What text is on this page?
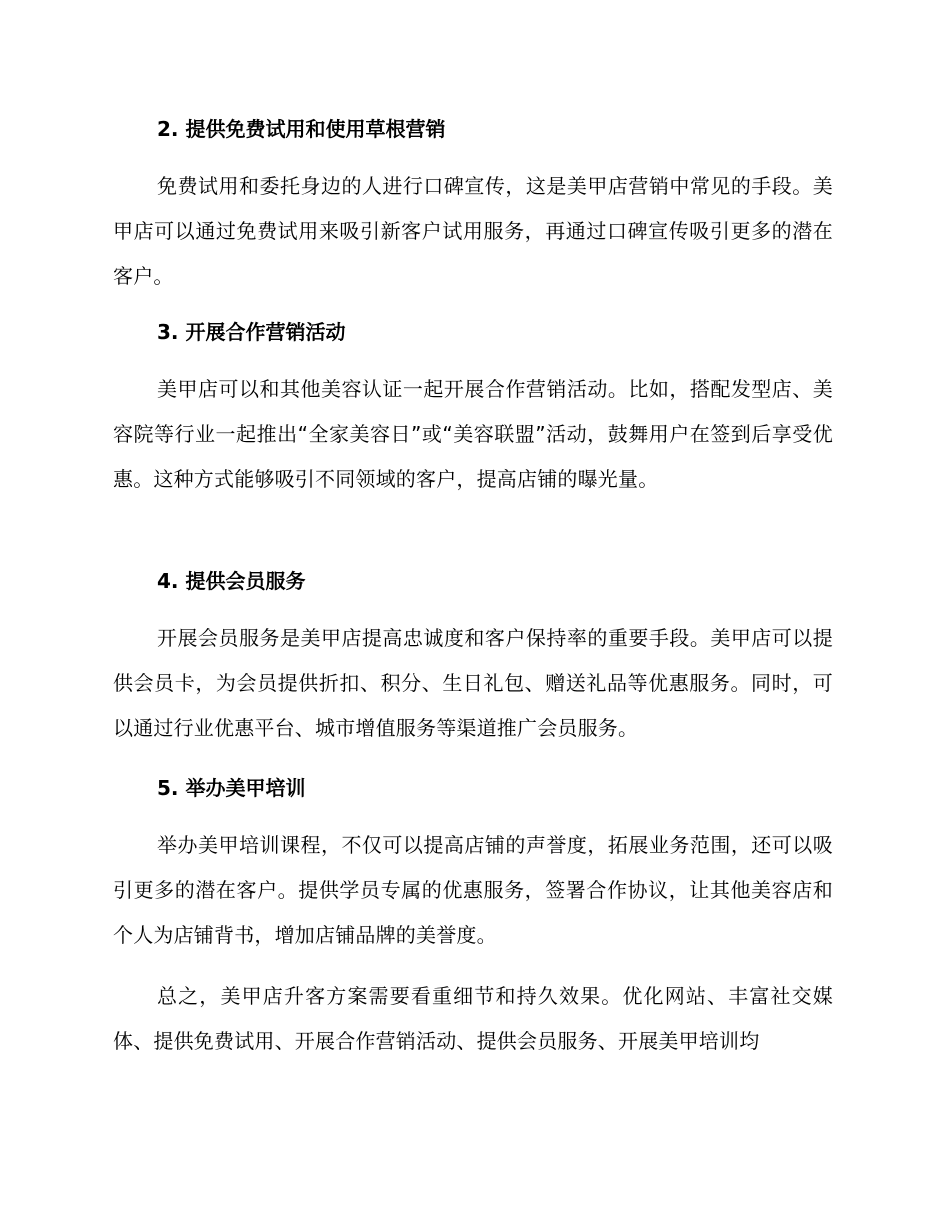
2. 提供免费试用和使用草根营销

免费试用和委托身边的人进行口碑宣传，这是美甲店营销中常见的手段。美甲店可以通过免费试用来吸引新客户试用服务，再通过口碑宣传吸引更多的潜在客户。

3. 开展合作营销活动

美甲店可以和其他美容认证一起开展合作营销活动。比如，搭配发型店、美容院等行业一起推出“全家美容日”或“美容联盟”活动，鼓舞用户在签到后享受优惠。这种方式能够吸引不同领域的客户，提高店铺的曝光量。

4. 提供会员服务

开展会员服务是美甲店提高忠诚度和客户保持率的重要手段。美甲店可以提供会员卡，为会员提供折扣、积分、生日礼包、赠送礼品等优惠服务。同时，可以通过行业优惠平台、城市增值服务等渠道推广会员服务。

5. 举办美甲培训

举办美甲培训课程，不仅可以提高店铺的声誉度，拓展业务范围，还可以吸引更多的潜在客户。提供学员专属的优惠服务，签署合作协议，让其他美容店和个人为店铺背书，增加店铺品牌的美誉度。

总之，美甲店升客方案需要看重细节和持久效果。优化网站、丰富社交媒体、提供免费试用、开展合作营销活动、提供会员服务、开展美甲培训均
